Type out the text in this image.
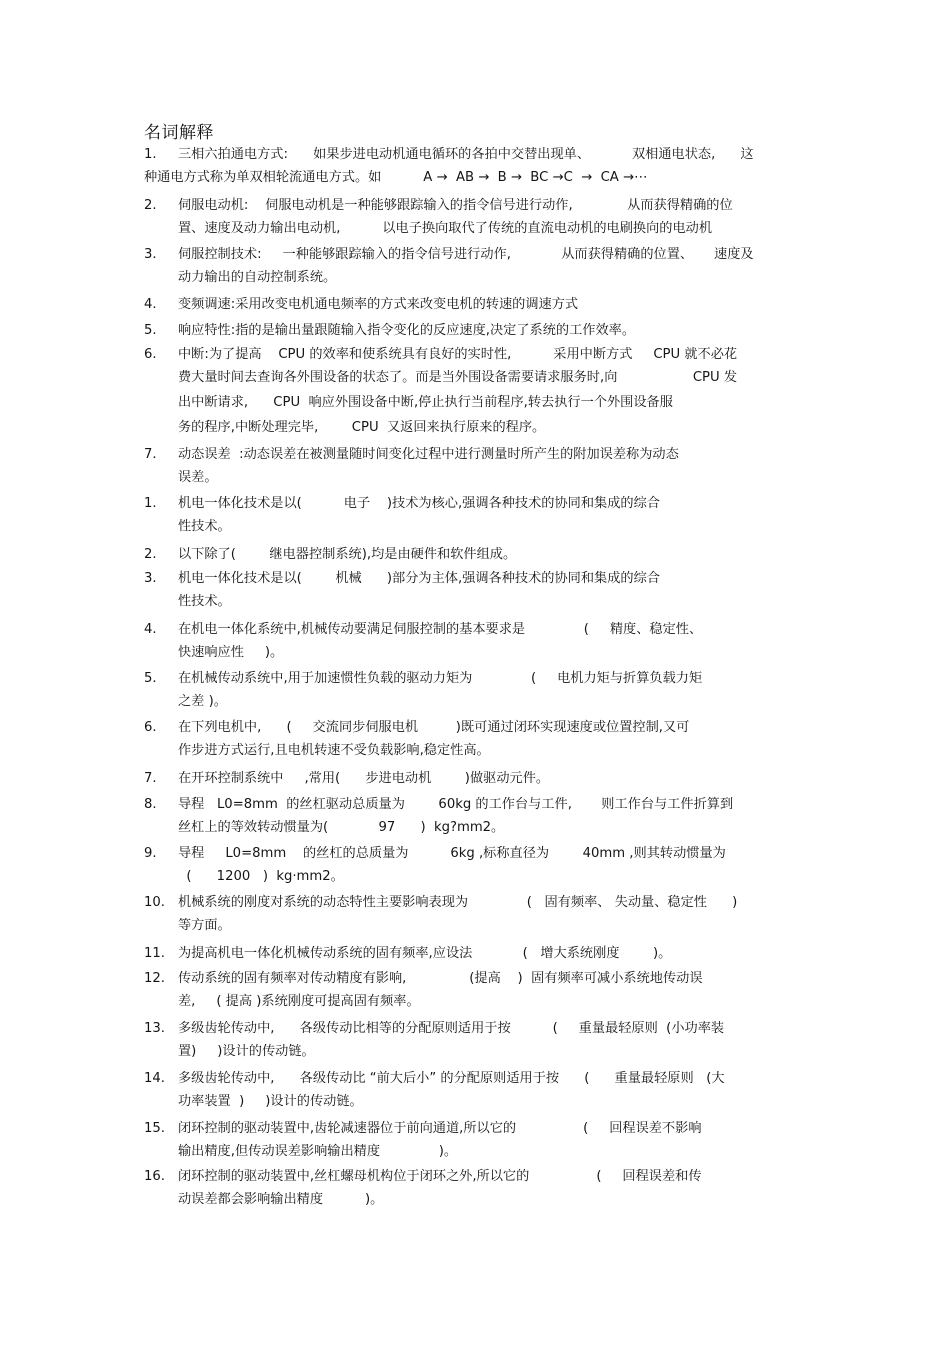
名词解释
1. 三相六拍通电方式:      如果步进电动机通电循环的各拍中交替出现单、          双相通电状态,      这
种通电方式称为单双相轮流通电方式。如          A →  AB →  B →  BC →C  →  CA →⋯
2. 伺服电动机:    伺服电动机是一种能够跟踪输入的指令信号进行动作,             从而获得精确的位
置、速度及动力输出电动机,          以电子换向取代了传统的直流电动机的电刷换向的电动机
3. 伺服控制技术:     一种能够跟踪输入的指令信号进行动作,            从而获得精确的位置、     速度及
动力输出的自动控制系统。
4. 变频调速:采用改变电机通电频率的方式来改变电机的转速的调速方式
5. 响应特性:指的是输出量跟随输入指令变化的反应速度,决定了系统的工作效率。
6. 中断:为了提高    CPU 的效率和使系统具有良好的实时性,          采用中断方式     CPU 就不必花
费大量时间去查询各外围设备的状态了。而是当外围设备需要请求服务时,向                  CPU 发
出中断请求,      CPU  响应外围设备中断,停止执行当前程序,转去执行一个外围设备服
务的程序,中断处理完毕,        CPU  又返回来执行原来的程序。
7. 动态误差  :动态误差在被测量随时间变化过程中进行测量时所产生的附加误差称为动态
误差。
1. 机电一体化技术是以(          电子    )技术为核心,强调各种技术的协同和集成的综合
性技术。
2. 以下除了(        继电器控制系统),均是由硬件和软件组成。
3. 机电一体化技术是以(        机械      )部分为主体,强调各种技术的协同和集成的综合
性技术。
4. 在机电一体化系统中,机械传动要满足伺服控制的基本要求是              (     精度、稳定性、
快速响应性     )。
5. 在机械传动系统中,用于加速惯性负载的驱动力矩为              (     电机力矩与折算负载力矩
之差 )。
6. 在下列电机中,      (     交流同步伺服电机         )既可通过闭环实现速度或位置控制,又可
作步进方式运行,且电机转速不受负载影响,稳定性高。
7. 在开环控制系统中     ,常用(      步进电动机        )做驱动元件。
8. 导程   L0=8mm  的丝杠驱动总质量为        60kg 的工作台与工件,       则工作台与工件折算到
丝杠上的等效转动惯量为(            97      )  kg?mm2。
9. 导程     L0=8mm    的丝杠的总质量为          6kg ,标称直径为        40mm ,则其转动惯量为
(      1200   )  kg·mm2。
10. 机械系统的刚度对系统的动态特性主要影响表现为              (   固有频率、 失动量、稳定性      )
等方面。
11. 为提高机电一体化机械传动系统的固有频率,应设法            (   增大系统刚度        )。
12. 传动系统的固有频率对传动精度有影响,               (提高    )  固有频率可减小系统地传动误
差,     ( 提高 )系统刚度可提高固有频率。
13. 多级齿轮传动中,      各级传动比相等的分配原则适用于按          (     重量最轻原则  (小功率装
置)     )设计的传动链。
14. 多级齿轮传动中,      各级传动比 “前大后小” 的分配原则适用于按      (      重量最轻原则   (大
功率装置  )     )设计的传动链。
15. 闭环控制的驱动装置中,齿轮减速器位于前向通道,所以它的                (     回程误差不影响
输出精度,但传动误差影响输出精度              )。
16. 闭环控制的驱动装置中,丝杠螺母机构位于闭环之外,所以它的                (     回程误差和传
动误差都会影响输出精度          )。
